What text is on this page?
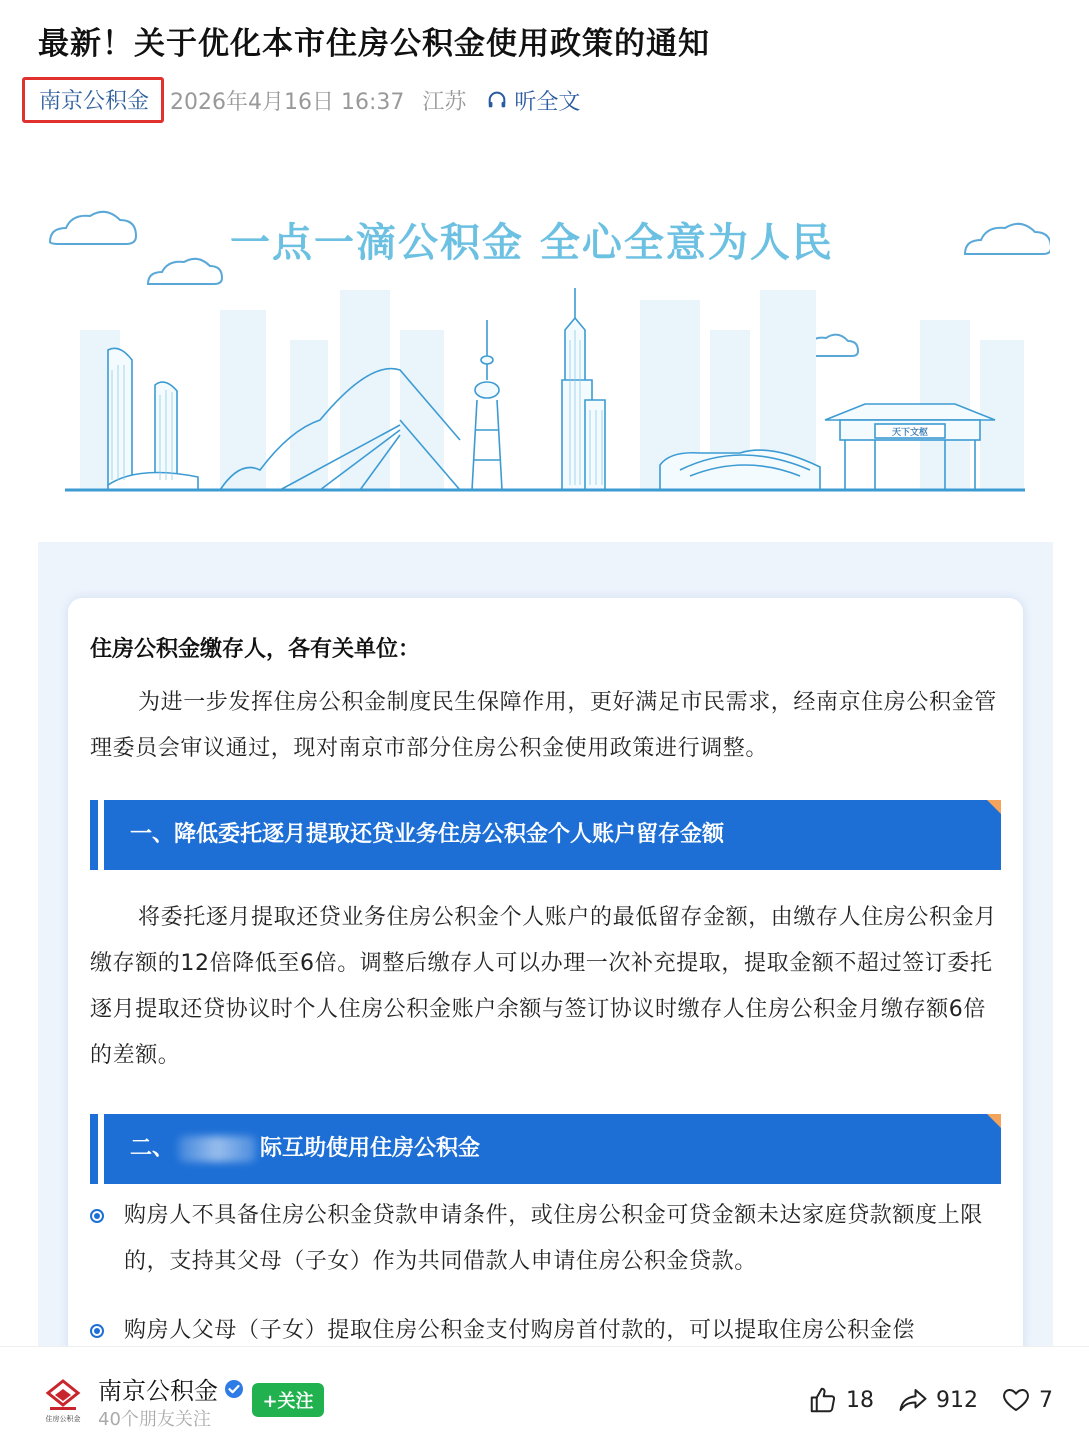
最新！关于优化本市住房公积金使用政策的通知
南京公积金 2026年4月16日 16:37 江苏 听全文
一点一滴公积金 全心全意为人民
天下文枢
住房公积金缴存人，各有关单位：
为进一步发挥住房公积金制度民生保障作用，更好满足市民需求，经南京住房公积金管理委员会审议通过，现对南京市部分住房公积金使用政策进行调整。
一、降低委托逐月提取还贷业务住房公积金个人账户留存金额
将委托逐月提取还贷业务住房公积金个人账户的最低留存金额，由缴存人住房公积金月缴存额的12倍降低至6倍。调整后缴存人可以办理一次补充提取，提取金额不超过签订委托逐月提取还贷协议时个人住房公积金账户余额与签订协议时缴存人住房公积金月缴存额6倍的差额。
二、	际互助使用住房公积金
购房人不具备住房公积金贷款申请条件，或住房公积金可贷金额未达家庭贷款额度上限的，支持其父母（子女）作为共同借款人申请住房公积金贷款。
购房人父母（子女）提取住房公积金支付购房首付款的，可以提取住房公积金偿
住房公积金
南京公积金
40个朋友关注
+关注	18	912	7
